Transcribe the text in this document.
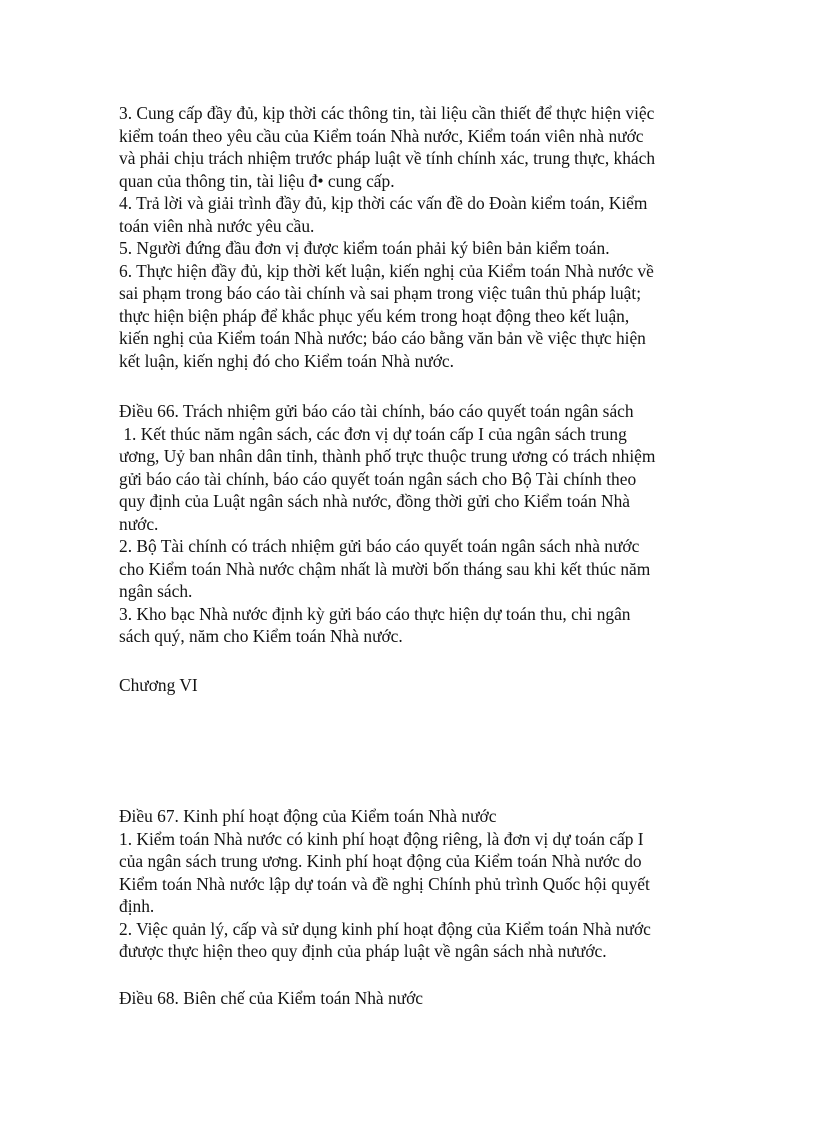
3. Cung cấp đầy đủ, kịp thời các thông tin, tài liệu cần thiết để thực hiện việc
kiểm toán theo yêu cầu của Kiểm toán Nhà nước, Kiểm toán viên nhà nước
và phải chịu trách nhiệm trước pháp luật về tính chính xác, trung thực, khách
quan của thông tin, tài liệu đ• cung cấp.
4. Trả lời và giải trình đầy đủ, kịp thời các vấn đề do Đoàn kiểm toán, Kiểm
toán viên nhà nước yêu cầu.
5. Người đứng đầu đơn vị được kiểm toán phải ký biên bản kiểm toán.
6. Thực hiện đầy đủ, kịp thời kết luận, kiến nghị của Kiểm toán Nhà nước về
sai phạm trong báo cáo tài chính và sai phạm trong việc tuân thủ pháp luật;
thực hiện biện pháp để khắc phục yếu kém trong hoạt động theo kết luận,
kiến nghị của Kiểm toán Nhà nước; báo cáo bằng văn bản về việc thực hiện
kết luận, kiến nghị đó cho Kiểm toán Nhà nước.
Điều 66. Trách nhiệm gửi báo cáo tài chính, báo cáo quyết toán ngân sách
1. Kết thúc năm ngân sách, các đơn vị dự toán cấp I của ngân sách trung
ương, Uỷ ban nhân dân tỉnh, thành phố trực thuộc trung ương có trách nhiệm
gửi báo cáo tài chính, báo cáo quyết toán ngân sách cho Bộ Tài chính theo
quy định của Luật ngân sách nhà nước, đồng thời gửi cho Kiểm toán Nhà
nước.
2. Bộ Tài chính có trách nhiệm gửi báo cáo quyết toán ngân sách nhà nước
cho Kiểm toán Nhà nước chậm nhất là mười bốn tháng sau khi kết thúc năm
ngân sách.
3. Kho bạc Nhà nước định kỳ gửi báo cáo thực hiện dự toán thu, chi ngân
sách quý, năm cho Kiểm toán Nhà nước.
Chương VI
Điều 67. Kinh phí hoạt động của Kiểm toán Nhà nước
1. Kiểm toán Nhà nước có kinh phí hoạt động riêng, là đơn vị dự toán cấp I
của ngân sách trung ương. Kinh phí hoạt động của Kiểm toán Nhà nước do
Kiểm toán Nhà nước lập dự toán và đề nghị Chính phủ trình Quốc hội quyết
định.
2. Việc quản lý, cấp và sử dụng kinh phí hoạt động của Kiểm toán Nhà nước
đưược thực hiện theo quy định của pháp luật về ngân sách nhà nưước.
Điều 68. Biên chế của Kiểm toán Nhà nước
